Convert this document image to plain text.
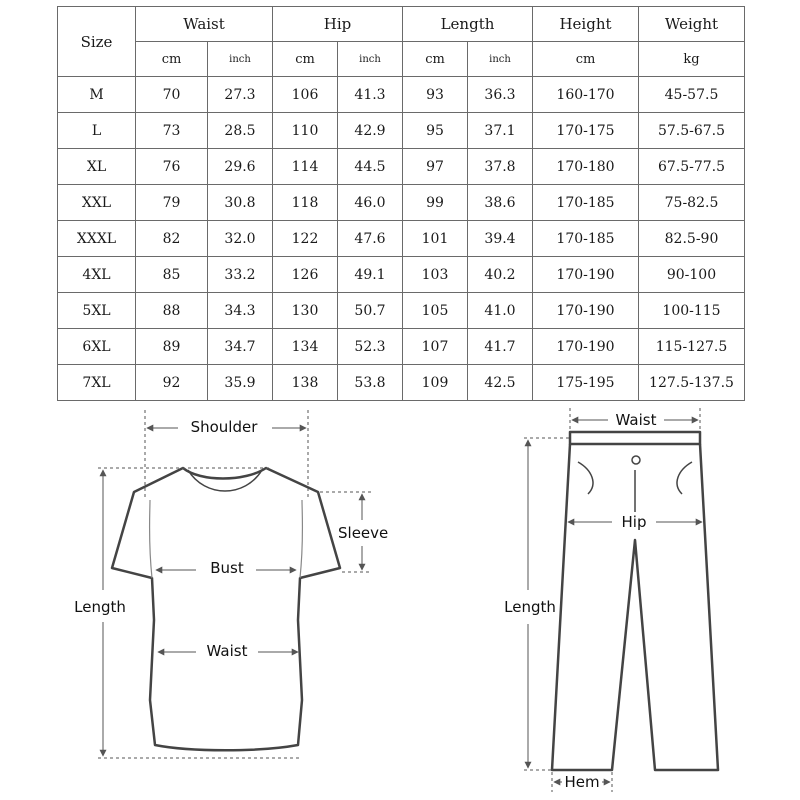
Size	Waist		Hip		Length		Height	Weight
	cm	inch	cm	inch	cm	inch	cm	kg
M	70	27.3	106	41.3	93	36.3	160-170	45-57.5
L	73	28.5	110	42.9	95	37.1	170-175	57.5-67.5
XL	76	29.6	114	44.5	97	37.8	170-180	67.5-77.5
XXL	79	30.8	118	46.0	99	38.6	170-185	75-82.5
XXXL	82	32.0	122	47.6	101	39.4	170-185	82.5-90
4XL	85	33.2	126	49.1	103	40.2	170-190	90-100
5XL	88	34.3	130	50.7	105	41.0	170-190	100-115
6XL	89	34.7	134	52.3	107	41.7	170-190	115-127.5
7XL	92	35.9	138	53.8	109	42.5	175-195	127.5-137.5
Shoulder
Sleeve
Bust
Waist
Length
Waist
Hip
Length
Hem
